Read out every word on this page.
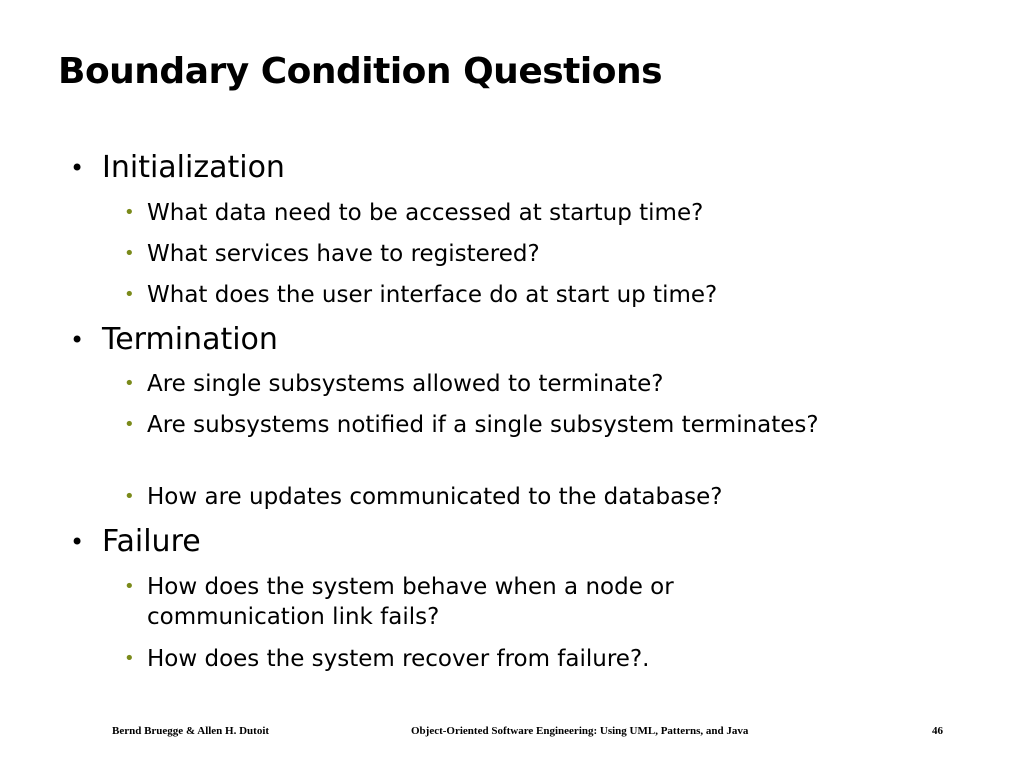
Boundary Condition Questions
• Initialization
• What data need to be accessed at startup time?
• What services have to registered?
• What does the user interface do at start up time?
• Termination
• Are single subsystems allowed to terminate?
• Are subsystems notified if a single subsystem terminates?
• How are updates communicated to the database?
• Failure
• How does the system behave when a node or communication link fails?
• How does the system recover from failure?.
Bernd Bruegge & Allen H. Dutoit	Object-Oriented Software Engineering: Using UML, Patterns, and Java	46
